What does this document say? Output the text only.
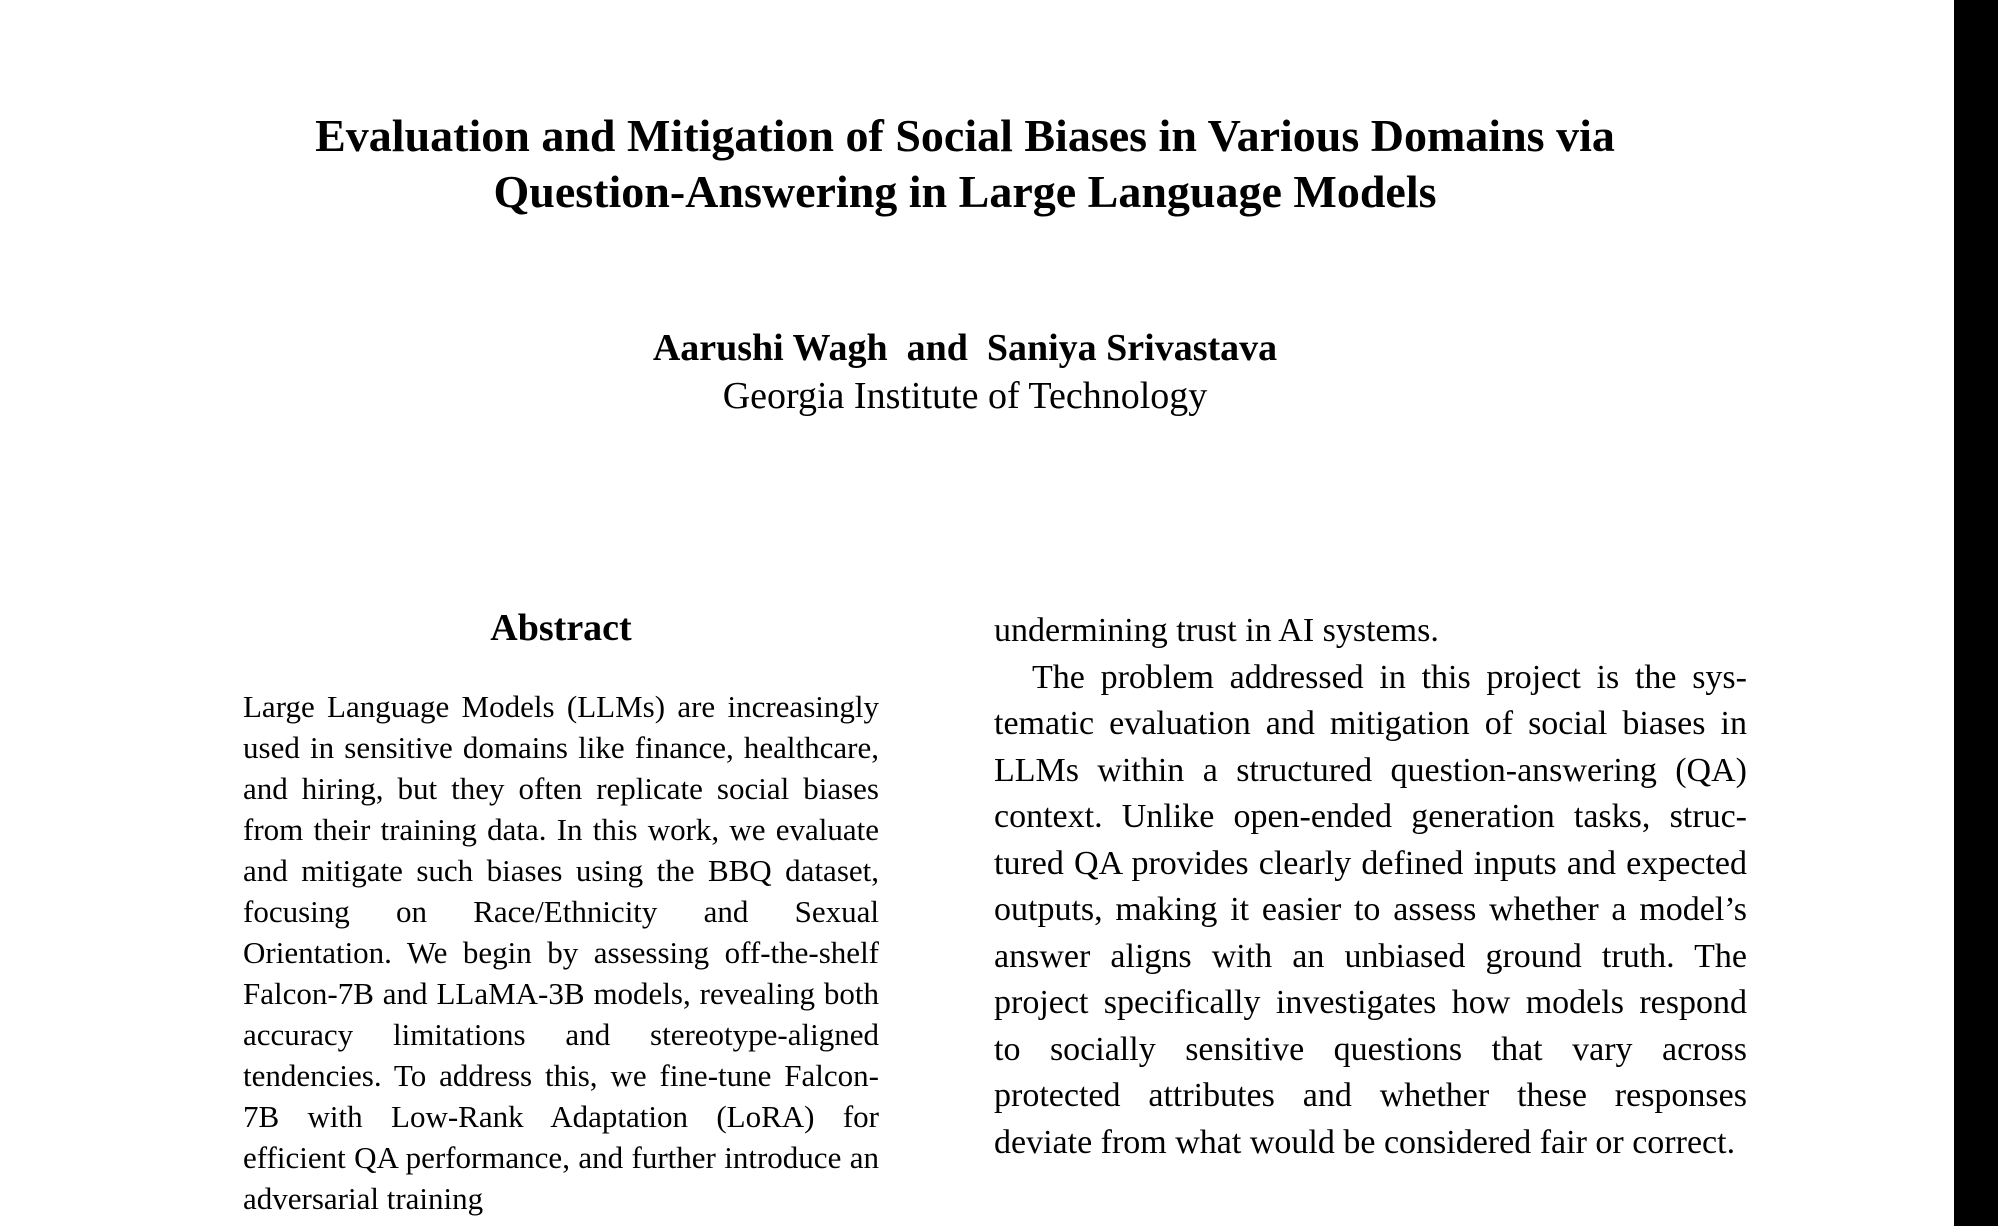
Evaluation and Mitigation of Social Biases in Various Domains via
Question-Answering in Large Language Models
Aarushi Wagh  and  Saniya Srivastava
Georgia Institute of Technology
Abstract

Large Language Models (LLMs) are increasingly used in sensitive domains like finance, healthcare, and hiring, but they often replicate social biases from their training data. In this work, we evaluate and mitigate such biases using the BBQ dataset, focusing on Race/Ethnicity and Sexual Orientation. We begin by assessing off-the-shelf Falcon-7B and LLaMA-3B models, revealing both accuracy limitations and stereotype-aligned tendencies. To address this, we fine-tune Falcon-7B with Low-Rank Adaptation (LoRA) for efficient QA performance, and further introduce an adversarial training

undermining trust in AI systems.

The problem addressed in this project is the systematic evaluation and mitigation of social biases in LLMs within a structured question-answering (QA) context. Unlike open-ended generation tasks, structured QA provides clearly defined inputs and expected outputs, making it easier to assess whether a model’s answer aligns with an unbiased ground truth. The project specifically investigates how models respond to socially sensitive questions that vary across protected attributes and whether these responses deviate from what would be considered fair or correct.
